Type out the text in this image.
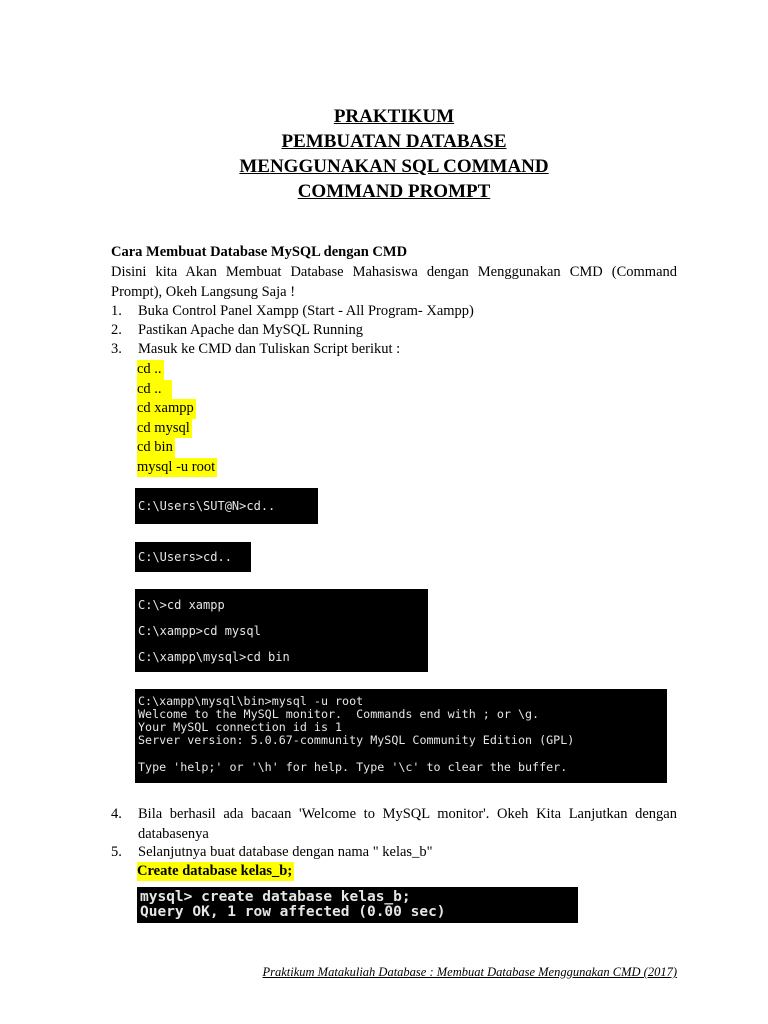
PRAKTIKUM
PEMBUATAN DATABASE
MENGGUNAKAN SQL COMMAND
COMMAND PROMPT
Cara Membuat Database MySQL dengan CMD
Disini kita Akan Membuat Database Mahasiswa dengan Menggunakan CMD (Command Prompt), Okeh Langsung Saja !
1. Buka Control Panel Xampp (Start - All Program- Xampp)
2. Pastikan Apache dan MySQL Running
3. Masuk ke CMD dan Tuliskan Script berikut :
cd ..
cd ..
cd xampp
cd mysql
cd bin
mysql -u root
C:\Users\SUT@N>cd..
C:\Users>cd..
C:\>cd xampp
C:\xampp>cd mysql
C:\xampp\mysql>cd bin
C:\xampp\mysql\bin>mysql -u root
Welcome to the MySQL monitor.  Commands end with ; or \g.
Your MySQL connection id is 1
Server version: 5.0.67-community MySQL Community Edition (GPL)
Type 'help;' or '\h' for help. Type '\c' to clear the buffer.
4. Bila berhasil ada bacaan 'Welcome to MySQL monitor'. Okeh Kita Lanjutkan dengan databasenya
5. Selanjutnya buat database dengan nama " kelas_b"
Create database kelas_b;
mysql> create database kelas_b;
Query OK, 1 row affected (0.00 sec)
Praktikum Matakuliah Database : Membuat Database Menggunakan CMD (2017)
